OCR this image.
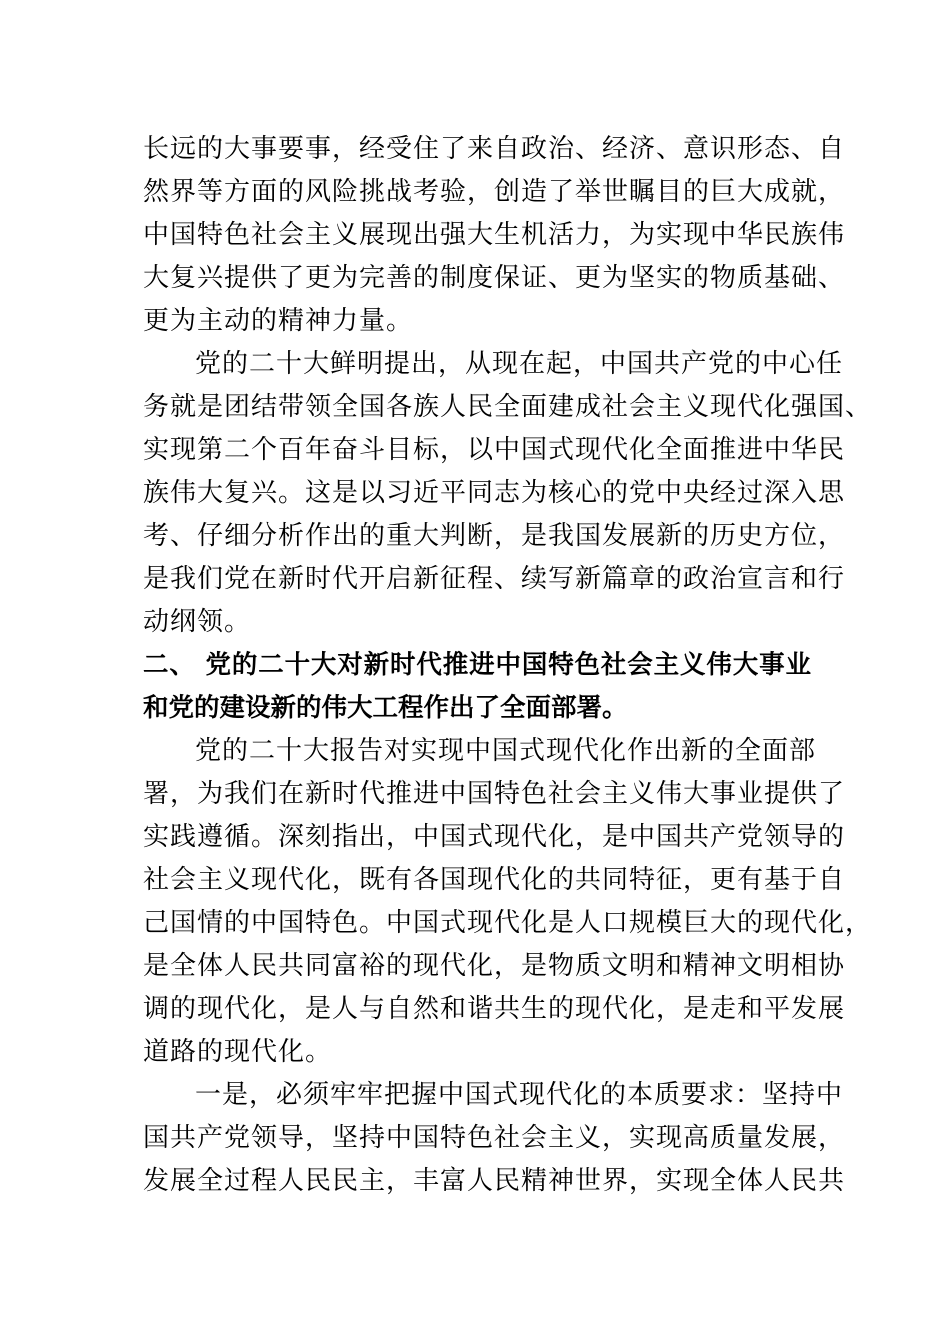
长远的大事要事，经受住了来自政治、经济、意识形态、自
然界等方面的风险挑战考验，创造了举世瞩目的巨大成就，
中国特色社会主义展现出强大生机活力，为实现中华民族伟
大复兴提供了更为完善的制度保证、更为坚实的物质基础、
更为主动的精神力量。
党的二十大鲜明提出，从现在起，中国共产党的中心任
务就是团结带领全国各族人民全面建成社会主义现代化强国、
实现第二个百年奋斗目标，以中国式现代化全面推进中华民
族伟大复兴。这是以习近平同志为核心的党中央经过深入思
考、仔细分析作出的重大判断，是我国发展新的历史方位，
是我们党在新时代开启新征程、续写新篇章的政治宣言和行
动纲领。
二、 党的二十大对新时代推进中国特色社会主义伟大事业
和党的建设新的伟大工程作出了全面部署。
党的二十大报告对实现中国式现代化作出新的全面部
署，为我们在新时代推进中国特色社会主义伟大事业提供了
实践遵循。深刻指出，中国式现代化，是中国共产党领导的
社会主义现代化，既有各国现代化的共同特征，更有基于自
己国情的中国特色。中国式现代化是人口规模巨大的现代化，
是全体人民共同富裕的现代化，是物质文明和精神文明相协
调的现代化，是人与自然和谐共生的现代化，是走和平发展
道路的现代化。
一是，必须牢牢把握中国式现代化的本质要求：坚持中
国共产党领导，坚持中国特色社会主义，实现高质量发展，
发展全过程人民民主，丰富人民精神世界，实现全体人民共
